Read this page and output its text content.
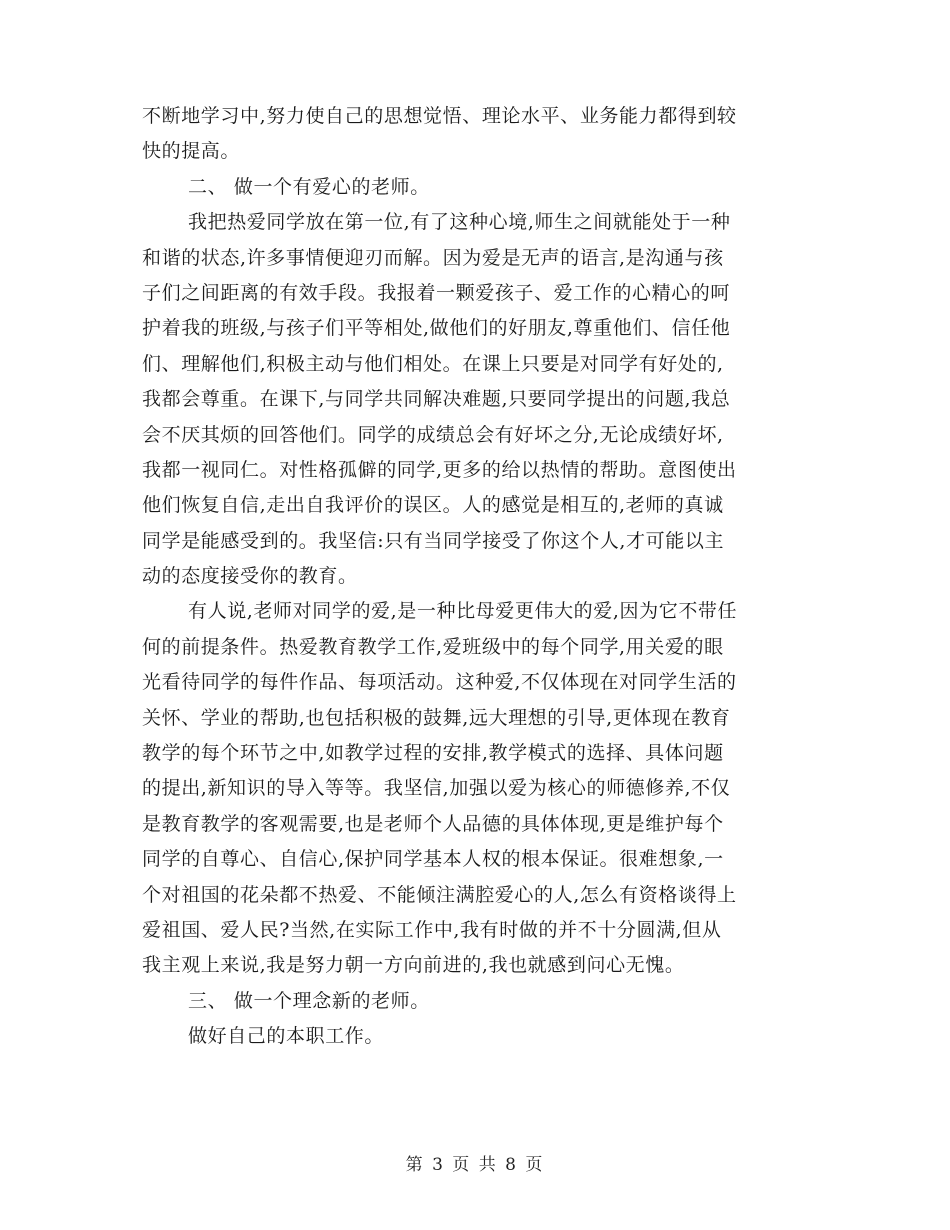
不断地学习中,努力使自己的思想觉悟、理论水平、业务能力都得到较
快的提高。
二、 做一个有爱心的老师。
我把热爱同学放在第一位,有了这种心境,师生之间就能处于一种
和谐的状态,许多事情便迎刃而解。因为爱是无声的语言,是沟通与孩
子们之间距离的有效手段。我报着一颗爱孩子、爱工作的心精心的呵
护着我的班级,与孩子们平等相处,做他们的好朋友,尊重他们、信任他
们、理解他们,积极主动与他们相处。在课上只要是对同学有好处的,
我都会尊重。在课下,与同学共同解决难题,只要同学提出的问题,我总
会不厌其烦的回答他们。同学的成绩总会有好坏之分,无论成绩好坏,
我都一视同仁。对性格孤僻的同学,更多的给以热情的帮助。意图使出
他们恢复自信,走出自我评价的误区。人的感觉是相互的,老师的真诚
同学是能感受到的。我坚信:只有当同学接受了你这个人,才可能以主
动的态度接受你的教育。
有人说,老师对同学的爱,是一种比母爱更伟大的爱,因为它不带任
何的前提条件。热爱教育教学工作,爱班级中的每个同学,用关爱的眼
光看待同学的每件作品、每项活动。这种爱,不仅体现在对同学生活的
关怀、学业的帮助,也包括积极的鼓舞,远大理想的引导,更体现在教育
教学的每个环节之中,如教学过程的安排,教学模式的选择、具体问题
的提出,新知识的导入等等。我坚信,加强以爱为核心的师德修养,不仅
是教育教学的客观需要,也是老师个人品德的具体体现,更是维护每个
同学的自尊心、自信心,保护同学基本人权的根本保证。很难想象,一
个对祖国的花朵都不热爱、不能倾注满腔爱心的人,怎么有资格谈得上
爱祖国、爱人民?当然,在实际工作中,我有时做的并不十分圆满,但从
我主观上来说,我是努力朝一方向前进的,我也就感到问心无愧。
三、 做一个理念新的老师。
做好自己的本职工作。
第 3 页 共 8 页
